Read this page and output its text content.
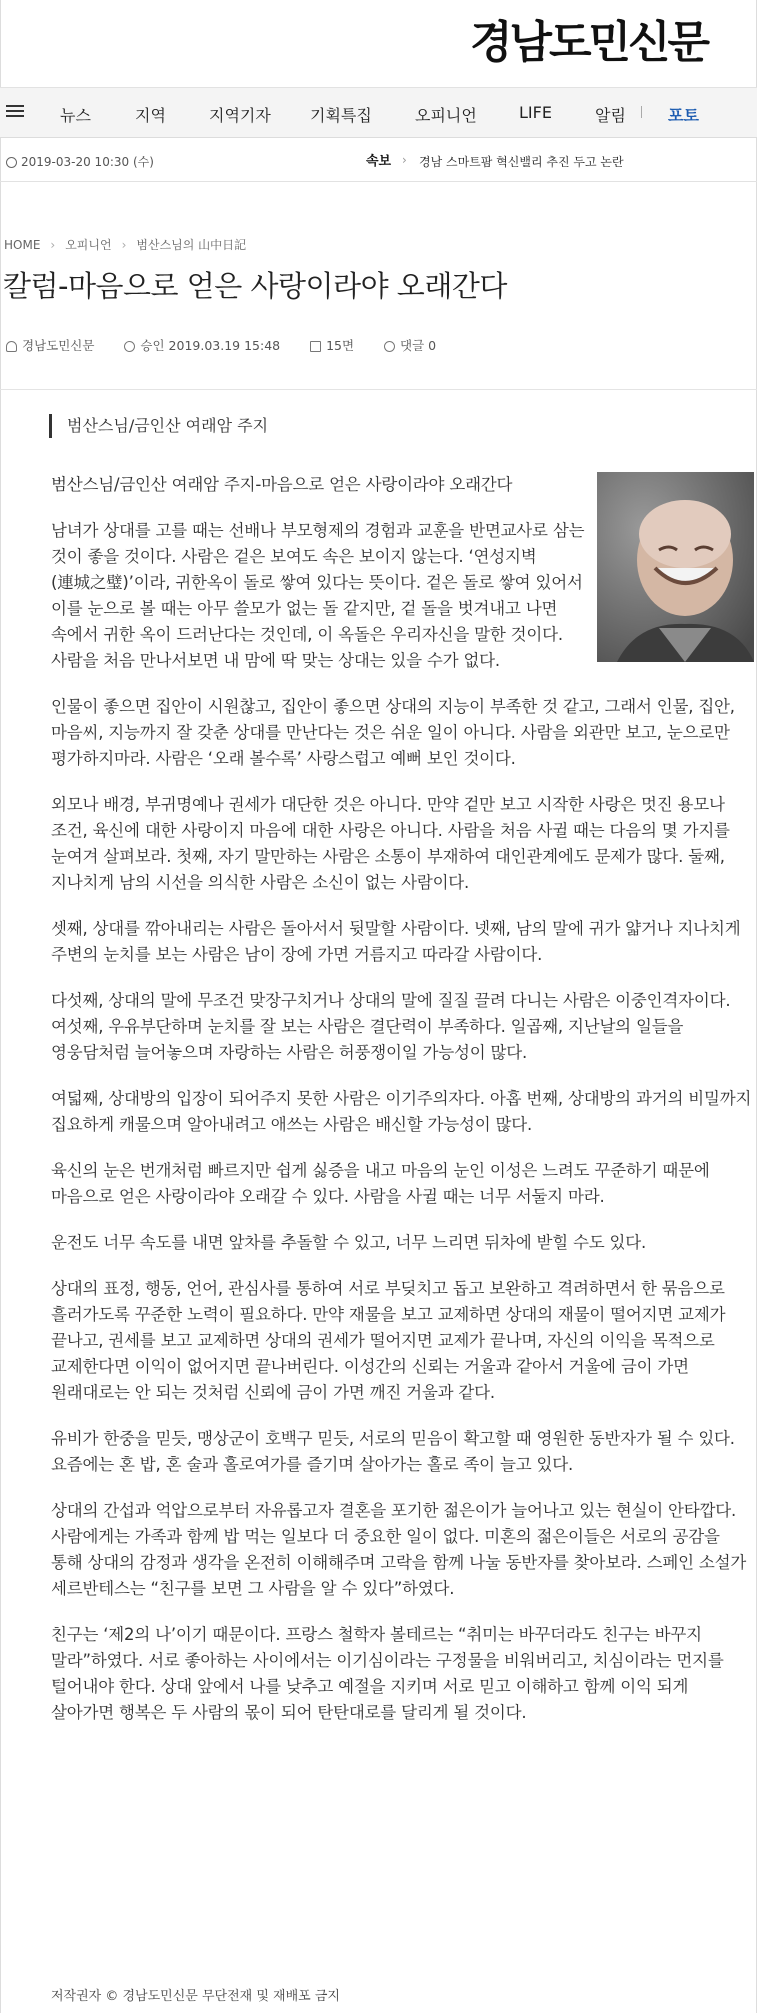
경남도민신문
뉴스	지역	지역기자 기획특집	오피니언	LIFE	알림	포토
2019-03-20 10:30 (수)	속보 › 경남 스마트팜 혁신밸리 추진 두고 논란
HOME › 오피니언 › 범산스님의 山中日記
칼럼-마음으로 얻은 사랑이라야 오래간다
경남도민신문	승인 2019.03.19 15:48	15면	댓글 0
범산스님/금인산 여래암 주지

범산스님/금인산 여래암 주지-마음으로 얻은 사랑이라야 오래간다

남녀가 상대를 고를 때는 선배나 부모형제의 경험과 교훈을 반면교사로 삼는 것이 좋을 것이다. 사람은 겉은 보여도 속은 보이지 않는다. ‘연성지벽(連城之璧)’이라, 귀한옥이 돌로 쌓여 있다는 뜻이다. 겉은 돌로 쌓여 있어서 이를 눈으로 볼 때는 아무 쓸모가 없는 돌 같지만, 겉 돌을 벗겨내고 나면 속에서 귀한 옥이 드러난다는 것인데, 이 옥돌은 우리자신을 말한 것이다. 사람을 처음 만나서보면 내 맘에 딱 맞는 상대는 있을 수가 없다.

인물이 좋으면 집안이 시원찮고, 집안이 좋으면 상대의 지능이 부족한 것 같고, 그래서 인물, 집안, 마음씨, 지능까지 잘 갖춘 상대를 만난다는 것은 쉬운 일이 아니다. 사람을 외관만 보고, 눈으로만 평가하지마라. 사람은 ‘오래 볼수록’ 사랑스럽고 예뻐 보인 것이다.

외모나 배경, 부귀명예나 권세가 대단한 것은 아니다. 만약 겉만 보고 시작한 사랑은 멋진 용모나 조건, 육신에 대한 사랑이지 마음에 대한 사랑은 아니다. 사람을 처음 사귈 때는 다음의 몇 가지를 눈여겨 살펴보라. 첫째, 자기 말만하는 사람은 소통이 부재하여 대인관계에도 문제가 많다. 둘째, 지나치게 남의 시선을 의식한 사람은 소신이 없는 사람이다.

셋째, 상대를 깎아내리는 사람은 돌아서서 뒷말할 사람이다. 넷째, 남의 말에 귀가 얇거나 지나치게 주변의 눈치를 보는 사람은 남이 장에 가면 거름지고 따라갈 사람이다.

다섯째, 상대의 말에 무조건 맞장구치거나 상대의 말에 질질 끌려 다니는 사람은 이중인격자이다. 여섯째, 우유부단하며 눈치를 잘 보는 사람은 결단력이 부족하다. 일곱째, 지난날의 일들을 영웅담처럼 늘어놓으며 자랑하는 사람은 허풍쟁이일 가능성이 많다.

여덟째, 상대방의 입장이 되어주지 못한 사람은 이기주의자다. 아홉 번째, 상대방의 과거의 비밀까지 집요하게 캐물으며 알아내려고 애쓰는 사람은 배신할 가능성이 많다.

육신의 눈은 번개처럼 빠르지만 쉽게 싫증을 내고 마음의 눈인 이성은 느려도 꾸준하기 때문에 마음으로 얻은 사랑이라야 오래갈 수 있다. 사람을 사귈 때는 너무 서둘지 마라.

운전도 너무 속도를 내면 앞차를 추돌할 수 있고, 너무 느리면 뒤차에 받힐 수도 있다.

상대의 표정, 행동, 언어, 관심사를 통하여 서로 부딪치고 돕고 보완하고 격려하면서 한 묶음으로 흘러가도록 꾸준한 노력이 필요하다. 만약 재물을 보고 교제하면 상대의 재물이 떨어지면 교제가 끝나고, 권세를 보고 교제하면 상대의 권세가 떨어지면 교제가 끝나며, 자신의 이익을 목적으로 교제한다면 이익이 없어지면 끝나버린다. 이성간의 신뢰는 거울과 같아서 거울에 금이 가면 원래대로는 안 되는 것처럼 신뢰에 금이 가면 깨진 거울과 같다.

유비가 한중을 믿듯, 맹상군이 호백구 믿듯, 서로의 믿음이 확고할 때 영원한 동반자가 될 수 있다. 요즘에는 혼 밥, 혼 술과 홀로여가를 즐기며 살아가는 홀로 족이 늘고 있다.

상대의 간섭과 억압으로부터 자유롭고자 결혼을 포기한 젊은이가 늘어나고 있는 현실이 안타깝다. 사람에게는 가족과 함께 밥 먹는 일보다 더 중요한 일이 없다. 미혼의 젊은이들은 서로의 공감을 통해 상대의 감정과 생각을 온전히 이해해주며 고락을 함께 나눌 동반자를 찾아보라. 스페인 소설가 세르반테스는 “친구를 보면 그 사람을 알 수 있다”하였다.

친구는 ‘제2의 나’이기 때문이다. 프랑스 철학자 볼테르는 “취미는 바꾸더라도 친구는 바꾸지 말라”하였다. 서로 좋아하는 사이에서는 이기심이라는 구정물을 비워버리고, 치심이라는 먼지를 털어내야 한다. 상대 앞에서 나를 낮추고 예절을 지키며 서로 믿고 이해하고 함께 이익 되게 살아가면 행복은 두 사람의 몫이 되어 탄탄대로를 달리게 될 것이다.

저작권자 © 경남도민신문 무단전재 및 재배포 금지
